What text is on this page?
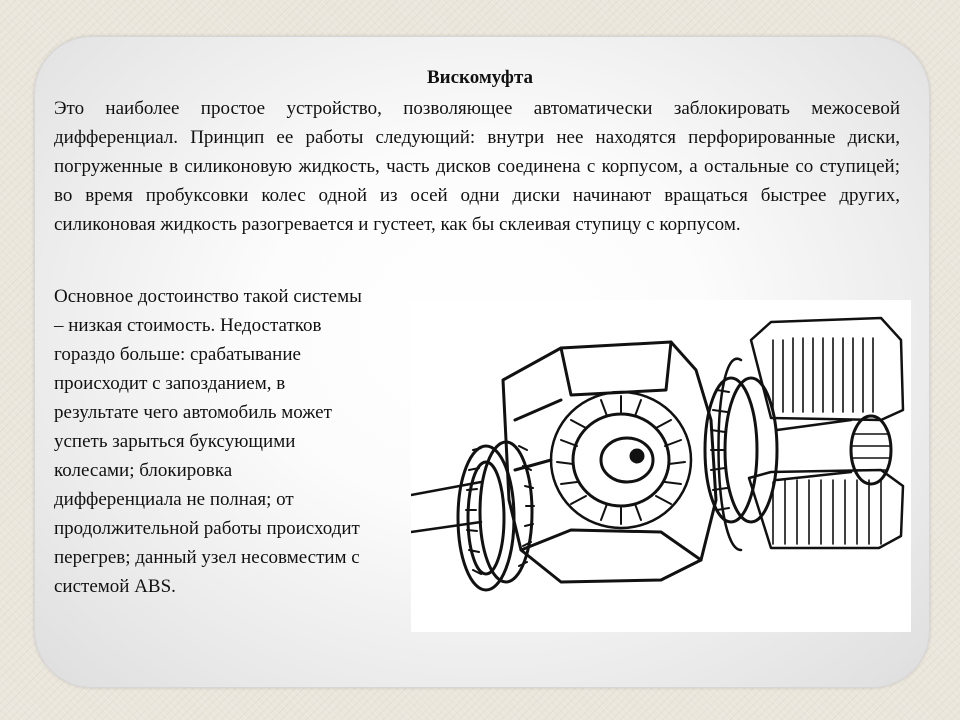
Вискомуфта

Это наиболее простое устройство, позволяющее автоматически заблокировать межосевой дифференциал. Принцип ее работы следующий: внутри нее находятся перфорированные диски, погруженные в силиконовую жидкость, часть дисков соединена с корпусом, а остальные со ступицей; во время пробуксовки колес одной из осей одни диски начинают вращаться быстрее других, силиконовая жидкость разогревается и густеет, как бы склеивая ступицу с корпусом.

Основное достоинство такой системы
– низкая стоимость. Недостатков
гораздо больше: срабатывание
происходит с запозданием, в
результате чего автомобиль может
успеть зарыться буксующими
колесами; блокировка
дифференциала не полная; от
продолжительной работы происходит
перегрев; данный узел несовместим с
системой ABS.
